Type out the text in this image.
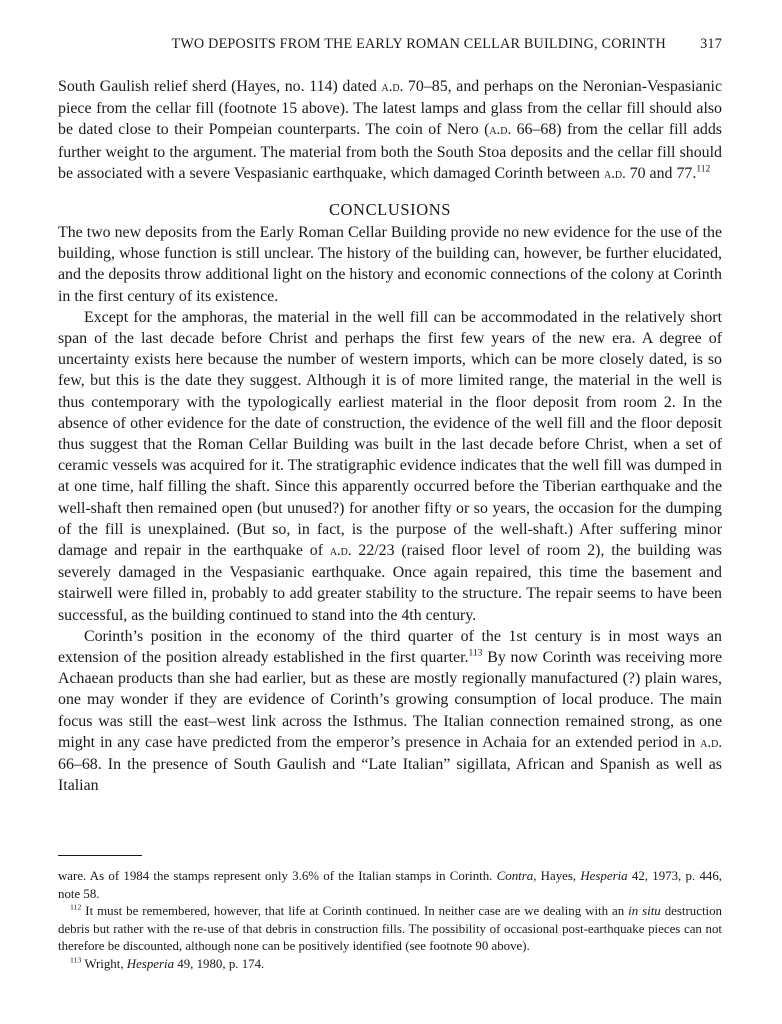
TWO DEPOSITS FROM THE EARLY ROMAN CELLAR BUILDING, CORINTH 317

South Gaulish relief sherd (Hayes, no. 114) dated a.d. 70–85, and perhaps on the Neronian-Vespasianic piece from the cellar fill (footnote 15 above). The latest lamps and glass from the cellar fill should also be dated close to their Pompeian counterparts. The coin of Nero (a.d. 66–68) from the cellar fill adds further weight to the argument. The material from both the South Stoa deposits and the cellar fill should be associated with a severe Vespasianic earthquake, which damaged Corinth between a.d. 70 and 77.$^{112}$

CONCLUSIONS

The two new deposits from the Early Roman Cellar Building provide no new evidence for the use of the building, whose function is still unclear. The history of the building can, however, be further elucidated, and the deposits throw additional light on the history and economic connections of the colony at Corinth in the first century of its existence.

Except for the amphoras, the material in the well fill can be accommodated in the relatively short span of the last decade before Christ and perhaps the first few years of the new era. A degree of uncertainty exists here because the number of western imports, which can be more closely dated, is so few, but this is the date they suggest. Although it is of more limited range, the material in the well is thus contemporary with the typologically earliest material in the floor deposit from room 2. In the absence of other evidence for the date of construction, the evidence of the well fill and the floor deposit thus suggest that the Roman Cellar Building was built in the last decade before Christ, when a set of ceramic vessels was acquired for it. The stratigraphic evidence indicates that the well fill was dumped in at one time, half filling the shaft. Since this apparently occurred before the Tiberian earthquake and the well-shaft then remained open (but unused?) for another fifty or so years, the occasion for the dumping of the fill is unexplained. (But so, in fact, is the purpose of the well-shaft.) After suffering minor damage and repair in the earthquake of a.d. 22/23 (raised floor level of room 2), the building was severely damaged in the Vespasianic earthquake. Once again repaired, this time the basement and stairwell were filled in, probably to add greater stability to the structure. The repair seems to have been successful, as the building continued to stand into the 4th century.

Corinth’s position in the economy of the third quarter of the 1st century is in most ways an extension of the position already established in the first quarter.$^{113}$ By now Corinth was receiving more Achaean products than she had earlier, but as these are mostly regionally manufactured (?) plain wares, one may wonder if they are evidence of Corinth’s growing consumption of local produce. The main focus was still the east–west link across the Isthmus. The Italian connection remained strong, as one might in any case have predicted from the emperor’s presence in Achaia for an extended period in a.d. 66–68. In the presence of South Gaulish and “Late Italian” sigillata, African and Spanish as well as Italian

ware. As of 1984 the stamps represent only 3.6% of the Italian stamps in Corinth. Contra, Hayes, Hesperia 42, 1973, p. 446, note 58.

$^{112}$ It must be remembered, however, that life at Corinth continued. In neither case are we dealing with an in situ destruction debris but rather with the re-use of that debris in construction fills. The possibility of occasional post-earthquake pieces can not therefore be discounted, although none can be positively identified (see footnote 90 above).

$^{113}$ Wright, Hesperia 49, 1980, p. 174.
